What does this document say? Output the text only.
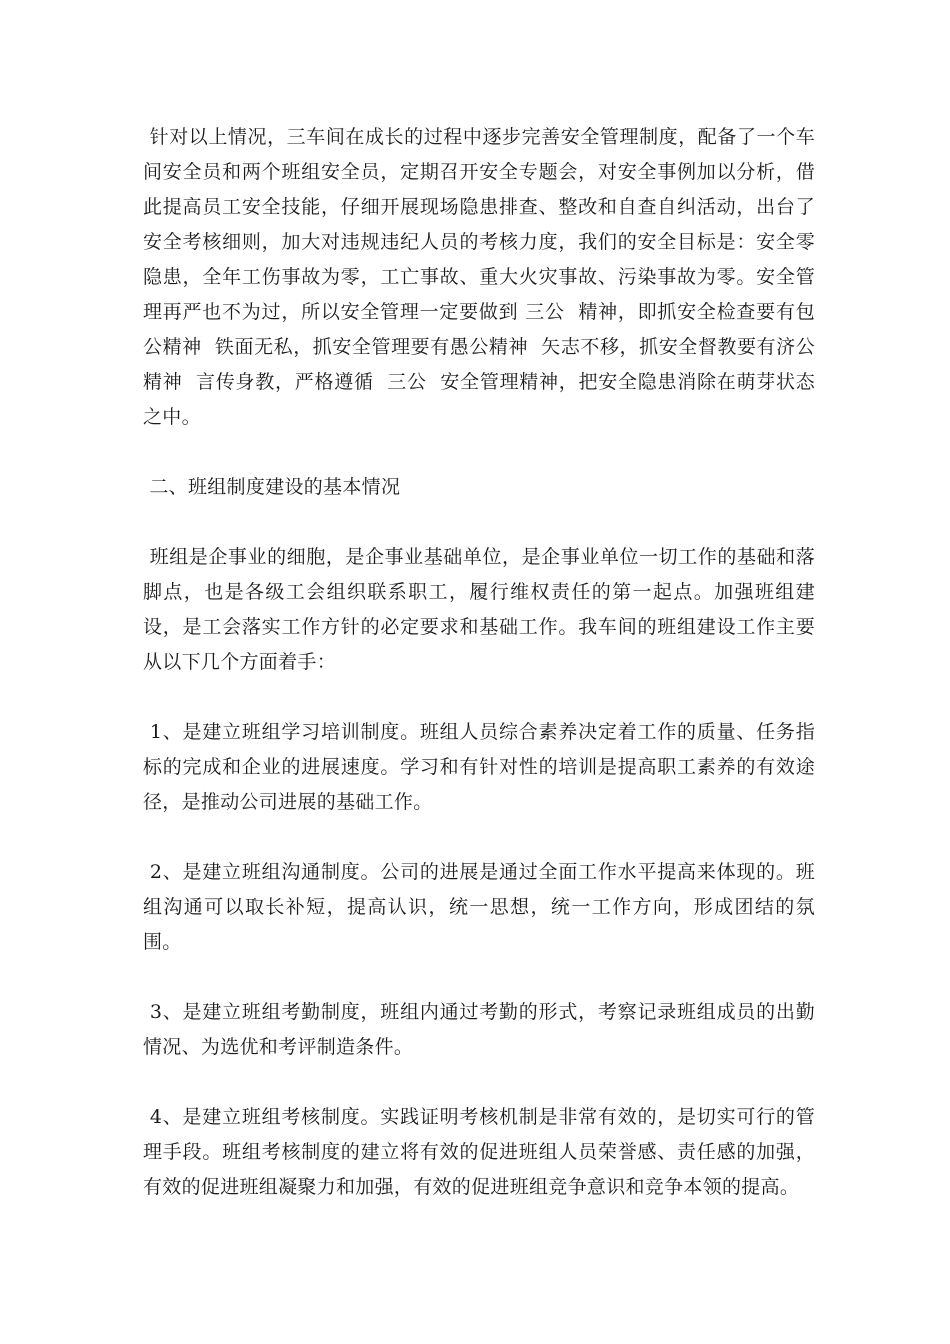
针对以上情况，三车间在成长的过程中逐步完善安全管理制度，配备了一个车间安全员和两个班组安全员，定期召开安全专题会，对安全事例加以分析，借此提高员工安全技能，仔细开展现场隐患排查、整改和自查自纠活动，出台了安全考核细则，加大对违规违纪人员的考核力度，我们的安全目标是：安全零隐患，全年工伤事故为零，工亡事故、重大火灾事故、污染事故为零。安全管理再严也不为过，所以安全管理一定要做到 三公  精神，即抓安全检查要有包公精神  铁面无私，抓安全管理要有愚公精神  矢志不移，抓安全督教要有济公精神  言传身教，严格遵循  三公  安全管理精神，把安全隐患消除在萌芽状态之中。

二、班组制度建设的基本情况

班组是企事业的细胞，是企事业基础单位，是企事业单位一切工作的基础和落脚点，也是各级工会组织联系职工，履行维权责任的第一起点。加强班组建设，是工会落实工作方针的必定要求和基础工作。我车间的班组建设工作主要从以下几个方面着手：

1、是建立班组学习培训制度。班组人员综合素养决定着工作的质量、任务指标的完成和企业的进展速度。学习和有针对性的培训是提高职工素养的有效途径，是推动公司进展的基础工作。

2、是建立班组沟通制度。公司的进展是通过全面工作水平提高来体现的。班组沟通可以取长补短，提高认识，统一思想，统一工作方向，形成团结的氛围。

3、是建立班组考勤制度，班组内通过考勤的形式，考察记录班组成员的出勤情况、为选优和考评制造条件。

4、是建立班组考核制度。实践证明考核机制是非常有效的，是切实可行的管理手段。班组考核制度的建立将有效的促进班组人员荣誉感、责任感的加强，有效的促进班组凝聚力和加强，有效的促进班组竞争意识和竞争本领的提高。
